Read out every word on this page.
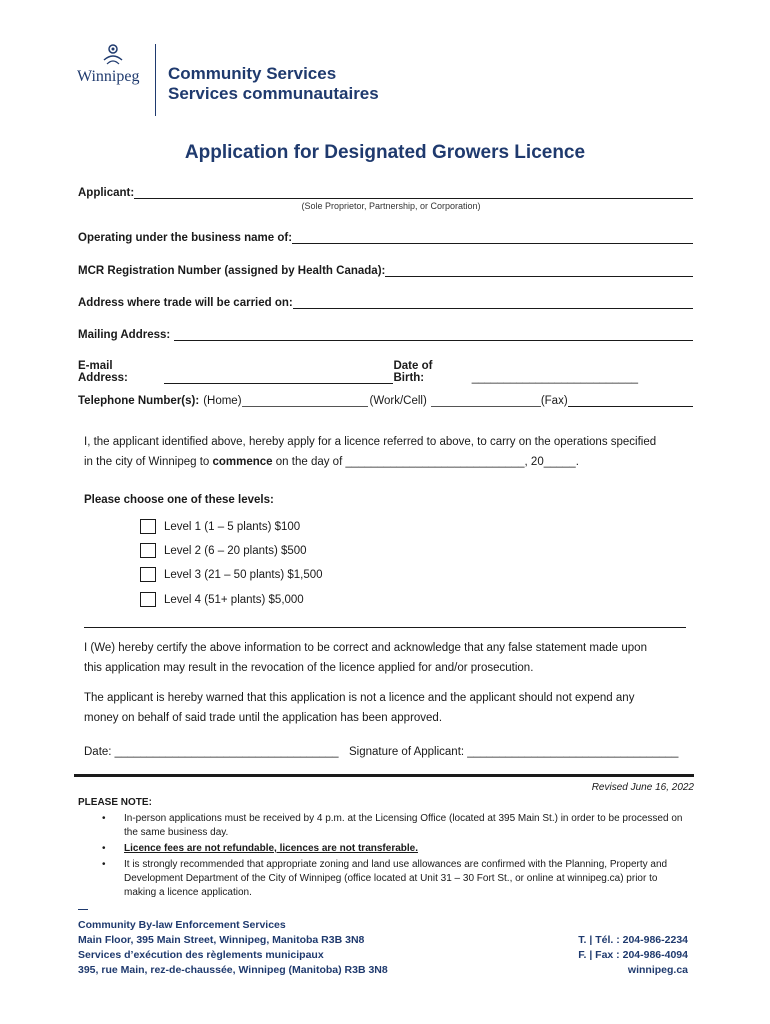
Winnipeg Community Services
Services communautaires
Application for Designated Growers Licence
Applicant:
(Sole Proprietor, Partnership, or Corporation)
Operating under the business name of:
MCR Registration Number (assigned by Health Canada):
Address where trade will be carried on:
Mailing Address:
E-mail Address:
Date of Birth:	__________________________
Telephone Number(s): (Home)	(Work/Cell)	(Fax)
I, the applicant identified above, hereby apply for a licence referred to above, to carry on the operations specified
in the city of Winnipeg to commence on the day of ____________________________, 20_____.
Please choose one of these levels:
Level 1 (1 – 5 plants) $100
Level 2 (6 – 20 plants) $500
Level 3 (21 – 50 plants) $1,500
Level 4 (51+ plants) $5,000
I (We) hereby certify the above information to be correct and acknowledge that any false statement made upon
this application may result in the revocation of the licence applied for and/or prosecution.
The applicant is hereby warned that this application is not a licence and the applicant should not expend any
money on behalf of said trade until the application has been approved.
Date: ___________________________________ Signature of Applicant: _________________________________
Revised June 16, 2022
PLEASE NOTE:
• In-person applications must be received by 4 p.m. at the Licensing Office (located at 395 Main St.) in order to be processed on the same business day.
• Licence fees are not refundable, licences are not transferable.
• It is strongly recommended that appropriate zoning and land use allowances are confirmed with the Planning, Property and Development Department of the City of Winnipeg (office located at Unit 31 – 30 Fort St., or online at winnipeg.ca) prior to making a licence application.
Community By-law Enforcement Services
Main Floor, 395 Main Street, Winnipeg, Manitoba R3B 3N8
Services d’exécution des règlements municipaux
395, rue Main, rez-de-chaussée, Winnipeg (Manitoba) R3B 3N8
T. | Tél. : 204-986-2234
F. | Fax : 204-986-4094
winnipeg.ca
